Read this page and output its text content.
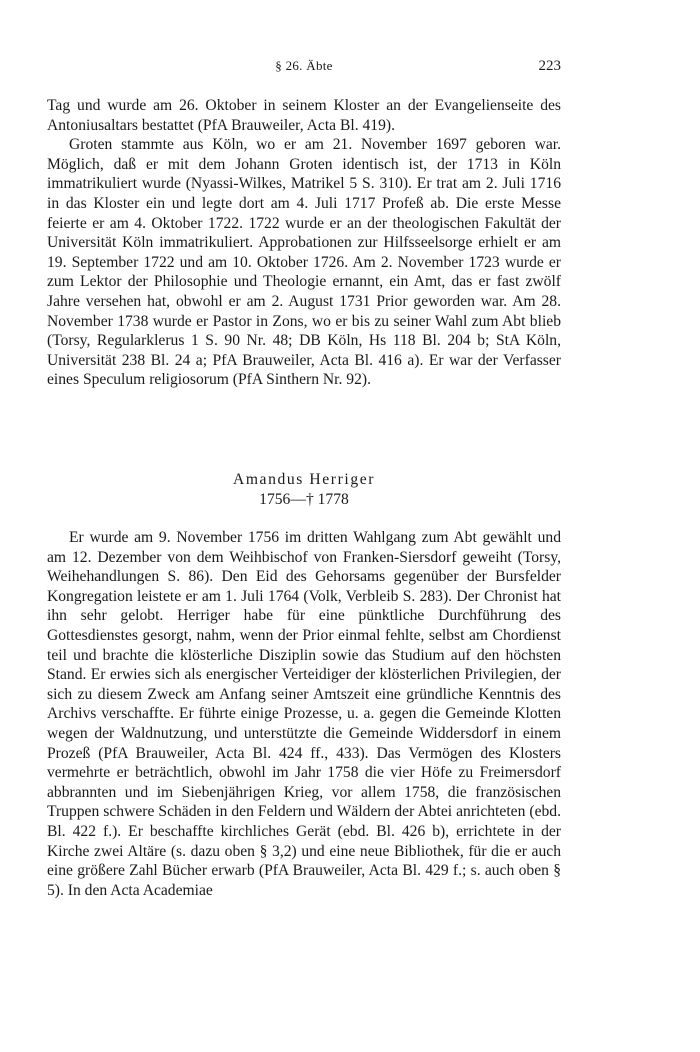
§ 26. Äbte	223

Tag und wurde am 26. Oktober in seinem Kloster an der Evangelienseite des Antoniusaltars bestattet (PfA Brauweiler, Acta Bl. 419).

Groten stammte aus Köln, wo er am 21. November 1697 geboren war. Möglich, daß er mit dem Johann Groten identisch ist, der 1713 in Köln immatrikuliert wurde (Nyassi-Wilkes, Matrikel 5 S. 310). Er trat am 2. Juli 1716 in das Kloster ein und legte dort am 4. Juli 1717 Profeß ab. Die erste Messe feierte er am 4. Oktober 1722. 1722 wurde er an der theologischen Fakultät der Universität Köln immatrikuliert. Approbationen zur Hilfsseelsorge erhielt er am 19. September 1722 und am 10. Oktober 1726. Am 2. November 1723 wurde er zum Lektor der Philosophie und Theologie ernannt, ein Amt, das er fast zwölf Jahre versehen hat, obwohl er am 2. August 1731 Prior geworden war. Am 28. November 1738 wurde er Pastor in Zons, wo er bis zu seiner Wahl zum Abt blieb (Torsy, Regularklerus 1 S. 90 Nr. 48; DB Köln, Hs 118 Bl. 204 b; StA Köln, Universität 238 Bl. 24 a; PfA Brauweiler, Acta Bl. 416 a). Er war der Verfasser eines Speculum religiosorum (PfA Sinthern Nr. 92).

Amandus Herriger
1756—† 1778

Er wurde am 9. November 1756 im dritten Wahlgang zum Abt gewählt und am 12. Dezember von dem Weihbischof von Franken-Siersdorf geweiht (Torsy, Weihehandlungen S. 86). Den Eid des Gehorsams gegenüber der Bursfelder Kongregation leistete er am 1. Juli 1764 (Volk, Verbleib S. 283). Der Chronist hat ihn sehr gelobt. Herriger habe für eine pünktliche Durchführung des Gottesdienstes gesorgt, nahm, wenn der Prior einmal fehlte, selbst am Chordienst teil und brachte die klösterliche Disziplin sowie das Studium auf den höchsten Stand. Er erwies sich als energischer Verteidiger der klösterlichen Privilegien, der sich zu diesem Zweck am Anfang seiner Amtszeit eine gründliche Kenntnis des Archivs verschaffte. Er führte einige Prozesse, u. a. gegen die Gemeinde Klotten wegen der Waldnutzung, und unterstützte die Gemeinde Widdersdorf in einem Prozeß (PfA Brauweiler, Acta Bl. 424 ff., 433). Das Vermögen des Klosters vermehrte er beträchtlich, obwohl im Jahr 1758 die vier Höfe zu Freimersdorf abbrannten und im Siebenjährigen Krieg, vor allem 1758, die französischen Truppen schwere Schäden in den Feldern und Wäldern der Abtei anrichteten (ebd. Bl. 422 f.). Er beschaffte kirchliches Gerät (ebd. Bl. 426 b), errichtete in der Kirche zwei Altäre (s. dazu oben § 3,2) und eine neue Bibliothek, für die er auch eine größere Zahl Bücher erwarb (PfA Brauweiler, Acta Bl. 429 f.; s. auch oben § 5). In den Acta Academiae
